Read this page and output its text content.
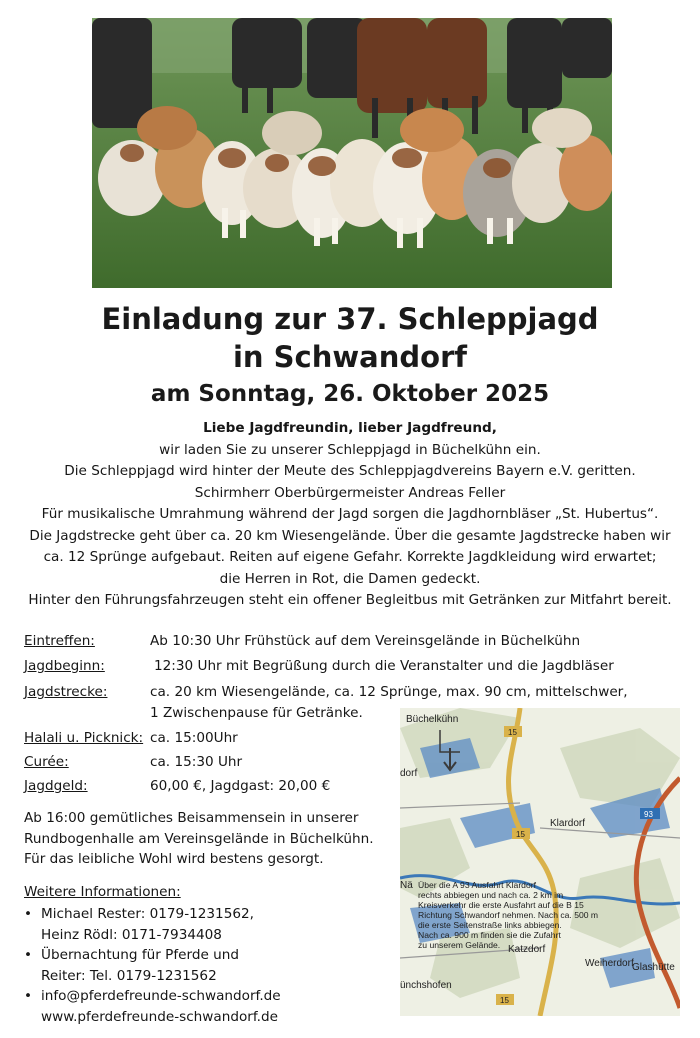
Einladung zur 37. Schleppjagd
in Schwandorf
am Sonntag, 26. Oktober 2025
Liebe Jagdfreundin, lieber Jagdfreund,
wir laden Sie zu unserer Schleppjagd in Büchelkühn ein.
Die Schleppjagd wird hinter der Meute des Schleppjagdvereins Bayern e.V. geritten.
Schirmherr Oberbürgermeister Andreas Feller
Für musikalische Umrahmung während der Jagd sorgen die Jagdhornbläser „St. Hubertus“.
Die Jagdstrecke geht über ca. 20 km Wiesengelände. Über die gesamte Jagdstrecke haben wir
ca. 12 Sprünge aufgebaut. Reiten auf eigene Gefahr. Korrekte Jagdkleidung wird erwartet;
die Herren in Rot, die Damen gedeckt.
Hinter den Führungsfahrzeugen steht ein offener Begleitbus mit Getränken zur Mitfahrt bereit.
Eintreffen:	Ab 10:30 Uhr Frühstück auf dem Vereinsgelände in Büchelkühn
Jagdbeginn:	12:30 Uhr mit Begrüßung durch die Veranstalter und die Jagdbläser
Jagdstrecke:	ca. 20 km Wiesengelände, ca. 12 Sprünge, max. 90 cm, mittelschwer,
1 Zwischenpause für Getränke.
Halali u. Picknick: ca. 15:00Uhr
Curée:	ca. 15:30 Uhr
Jagdgeld:	60,00 €, Jagdgast: 20,00 €
Ab 16:00 gemütliches Beisammensein in unserer
Rundbogenhalle am Vereinsgelände in Büchelkühn.
Für das leibliche Wohl wird bestens gesorgt.
Weitere Informationen:
• Michael Rester: 0179-1231562,
Heinz Rödl: 0171-7934408
• Übernachtung für Pferde und
Reiter: Tel. 0179-1231562
• info@pferdefreunde-schwandorf.de
www.pferdefreunde-schwandorf.de
Büchelkühn
dorf
Klardorf
Nä
Katzdorf
Weiherdorf
Glashütte
ünchshofen
15
15
15
93
Über die A 93 Ausfahrt Klardorf
rechts abbiegen und nach ca. 2 km im
Kreisverkehr die erste Ausfahrt auf die B 15
Richtung Schwandorf nehmen. Nach ca. 500 m
die erste Seitenstraße links abbiegen.
Nach ca. 900 m finden sie die Zufahrt
zu unserem Gelände.
